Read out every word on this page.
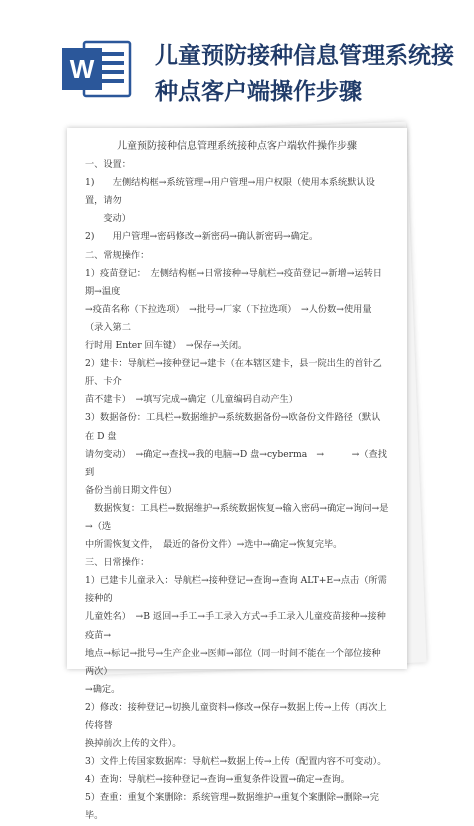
W	儿童预防接种信息管理系统接
种点客户端操作步骤
儿童预防接种信息管理系统接种点客户端软件操作步骤

一、设置：

1)　　左侧结构框→系统管理→用户管理→用户权限（使用本系统默认设置，请勿

　　变动）

2)　　用户管理→密码修改→新密码→确认新密码→确定。

二、常规操作：

1）疫苗登记：　左侧结构框→日常接种→导航栏→疫苗登记→新增→运转日期→温度

→疫苗名称（下拉选项）　→批号→厂家（下拉选项）　→人份数→使用量（录入第二

行时用 Enter 回车键）　→保存→关闭。

2）建卡：导航栏→接种登记→建卡（在本辖区建卡，县一院出生的首针乙肝、卡介

苗不建卡）　→填写完成→确定（儿童编码自动产生）

3）数据备份：工具栏→数据维护→系统数据备份→欧备份文件路径（默认在 D 盘

请勿变动）　→确定→查找→我的电脑→D 盘→cyberma　→　　　→（查找到

备份当前日期文件包）

　数据恢复：工具栏→数据维护→系统数据恢复→输入密码→确定→询问→是→（选

中所需恢复文件，　最近的备份文件）→选中→确定→恢复完毕。

三、日常操作：

1）已建卡儿童录入：导航栏→接种登记→查询→查询 ALT+E→点击（所需接种的

儿童姓名）　→B 返回→手工→手工录入方式→手工录入儿童疫苗接种→接种疫苗→

地点→标记→批号→生产企业→医师→部位（同一时间不能在一个部位接种两次）

→确定。

2）修改：接种登记→切换儿童资料→修改→保存→数据上传→上传（再次上传将替

换掉前次上传的文件）。

3）文件上传国家数据库：导航栏→数据上传→上传（配置内容不可变动）。

4）查询：导航栏→接种登记→查询→重复条件设置→确定→查询。

5）查重：重复个案删除：系统管理→数据维护→重复个案删除→删除→完毕。
